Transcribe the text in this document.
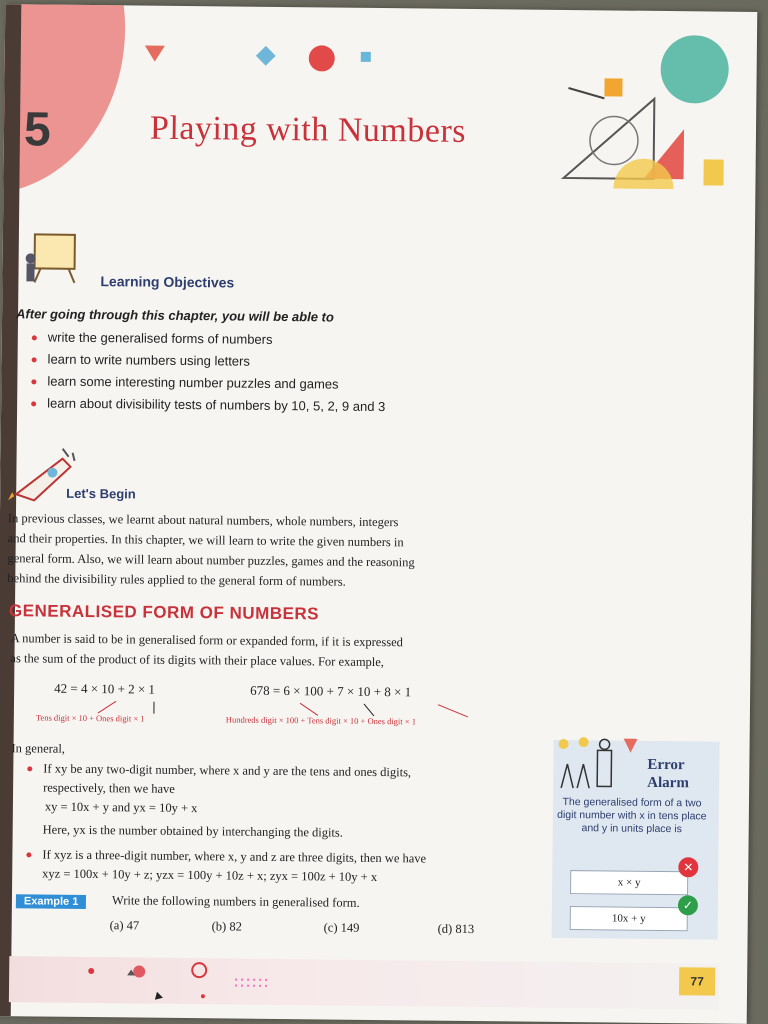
5	Playing with Numbers
Learning Objectives
After going through this chapter, you will be able to
write the generalised forms of numbers
learn to write numbers using letters
learn some interesting number puzzles and games
learn about divisibility tests of numbers by 10, 5, 2, 9 and 3
Let's Begin
In previous classes, we learnt about natural numbers, whole numbers, integers
and their properties. In this chapter, we will learn to write the given numbers in
general form. Also, we will learn about number puzzles, games and the reasoning
behind the divisibility rules applied to the general form of numbers.
GENERALISED FORM OF NUMBERS
A number is said to be in generalised form or expanded form, if it is expressed
as the sum of the product of its digits with their place values. For example,
42 = 4 × 10 + 2 × 1	678 = 6 × 100 + 7 × 10 + 8 × 1
Tens digit × 10 + Ones digit × 1	Hundreds digit × 100 + Tens digit × 10 + Ones digit × 1
In general,
If xy be any two-digit number, where x and y are the tens and ones digits,
respectively, then we have
xy = 10x + y and yx = 10y + x
Here, yx is the number obtained by interchanging the digits.
If xyz is a three-digit number, where x, y and z are three digits, then we have
xyz = 100x + 10y + z; yzx = 100y + 10z + x; zyx = 100z + 10y + x
Example 1	Write the following numbers in generalised form.
(a) 47	(b) 82	(c) 149	(d) 813
Error
Alarm
The generalised form of a two digit number with x in tens place and y in units place is
x × y
✕
10x + y
✓
77
